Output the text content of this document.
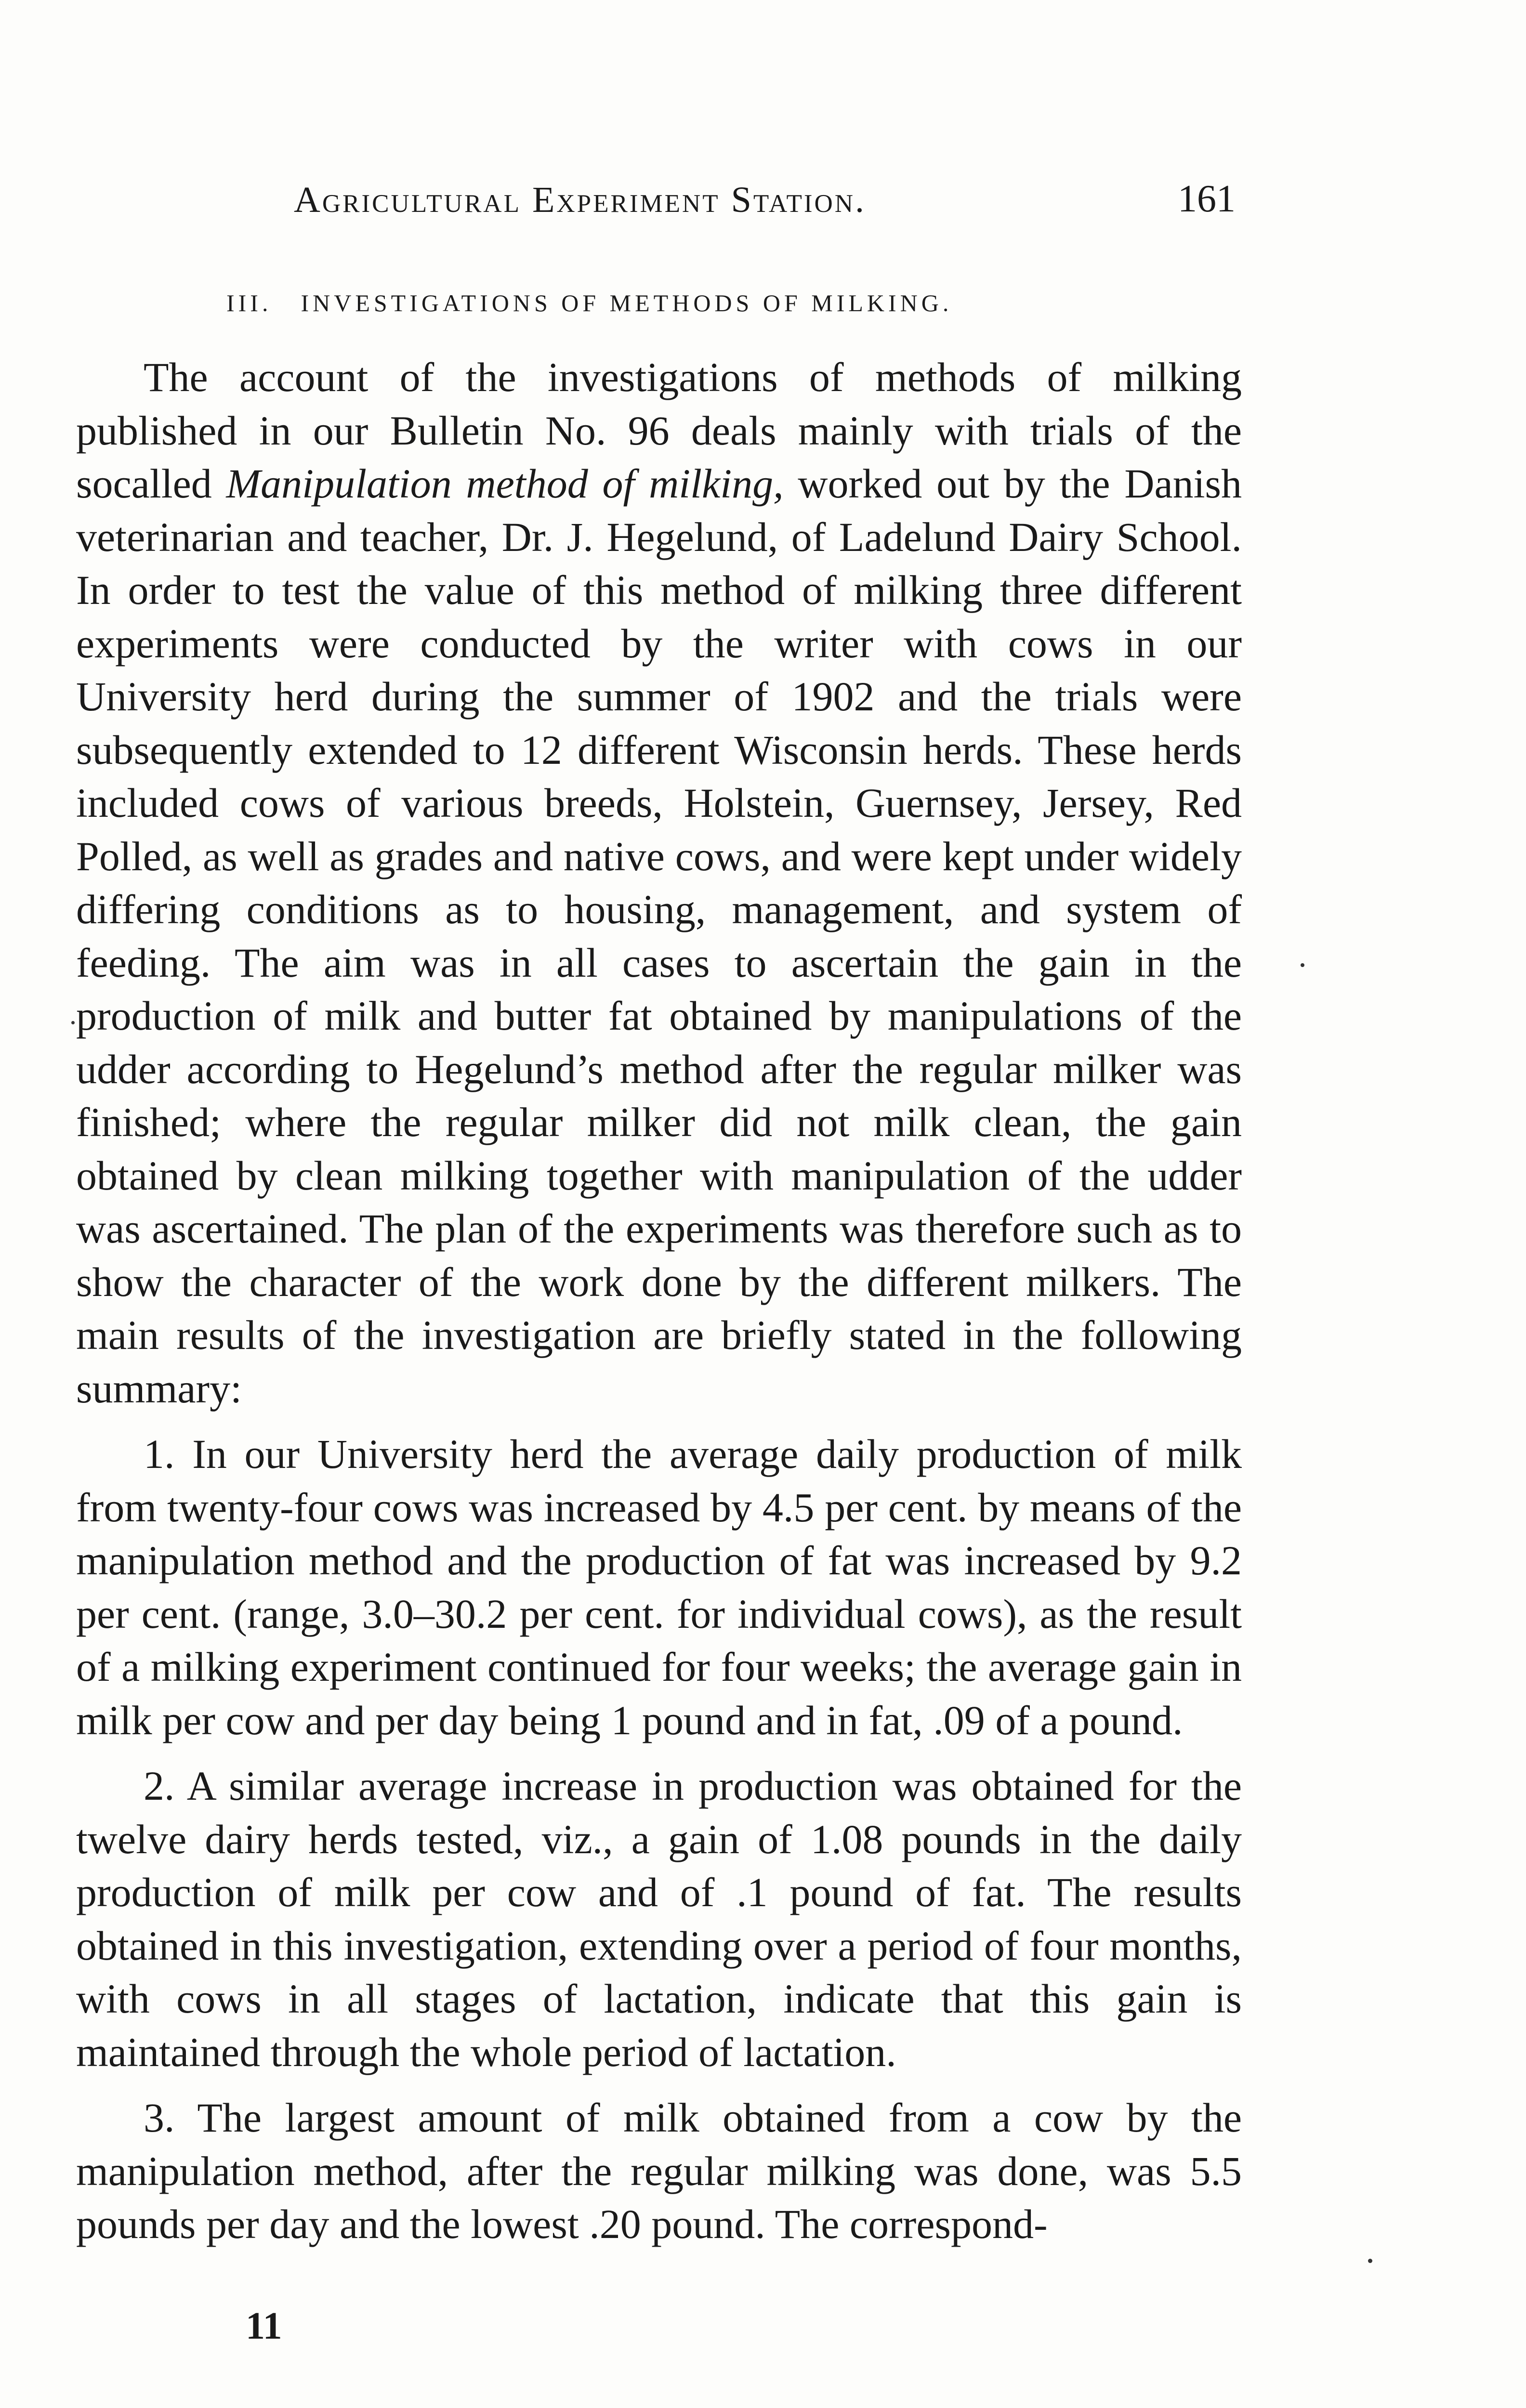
Agricultural Experiment Station.	161
III. INVESTIGATIONS OF METHODS OF MILKING.

The account of the investigations of methods of milking published in our Bulletin No. 96 deals mainly with trials of the socalled Manipulation method of milking, worked out by the Danish veterinarian and teacher, Dr. J. Hegelund, of Ladelund Dairy School. In order to test the value of this method of milking three different experiments were conducted by the writer with cows in our University herd during the summer of 1902 and the trials were subsequently extended to 12 different Wisconsin herds. These herds included cows of various breeds, Holstein, Guernsey, Jersey, Red Polled, as well as grades and native cows, and were kept under widely differing conditions as to housing, management, and system of feeding. The aim was in all cases to ascertain the gain in the production of milk and butter fat obtained by manipulations of the udder according to Hegelund’s method after the regular milker was finished; where the regular milker did not milk clean, the gain obtained by clean milking together with manipulation of the udder was ascertained. The plan of the experiments was therefore such as to show the character of the work done by the different milkers. The main results of the investigation are briefly stated in the following summary:

1. In our University herd the average daily production of milk from twenty-four cows was increased by 4.5 per cent. by means of the manipulation method and the production of fat was increased by 9.2 per cent. (range, 3.0–30.2 per cent. for individual cows), as the result of a milking experiment continued for four weeks; the average gain in milk per cow and per day being 1 pound and in fat, .09 of a pound.

2. A similar average increase in production was obtained for the twelve dairy herds tested, viz., a gain of 1.08 pounds in the daily production of milk per cow and of .1 pound of fat. The results obtained in this investigation, extending over a period of four months, with cows in all stages of lactation, indicate that this gain is maintained through the whole period of lactation.

3. The largest amount of milk obtained from a cow by the manipulation method, after the regular milking was done, was 5.5 pounds per day and the lowest .20 pound. The correspond-

11
